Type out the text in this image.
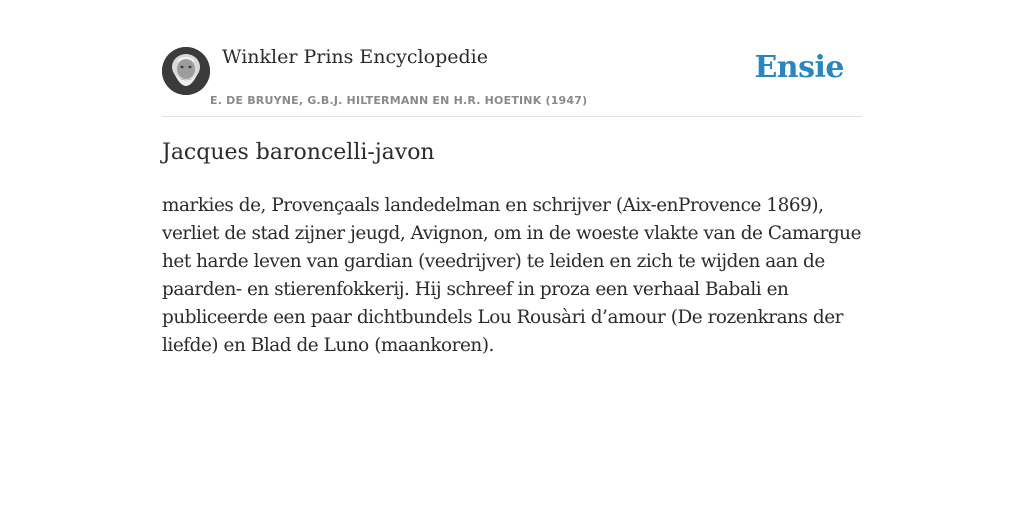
Winkler Prins Encyclopedie
E. DE BRUYNE, G.B.J. HILTERMANN EN H.R. HOETINK (1947)
Ensie
Jacques baroncelli-javon

markies de, Provençaals landedelman en schrijver (Aix-enProvence 1869), verliet de stad zijner jeugd, Avignon, om in de woeste vlakte van de Camargue het harde leven van gardian (veedrijver) te leiden en zich te wijden aan de paarden- en stierenfokkerij. Hij schreef in proza een verhaal Babali en publiceerde een paar dichtbundels Lou Rousàri d’amour (De rozenkrans der liefde) en Blad de Luno (maankoren).
